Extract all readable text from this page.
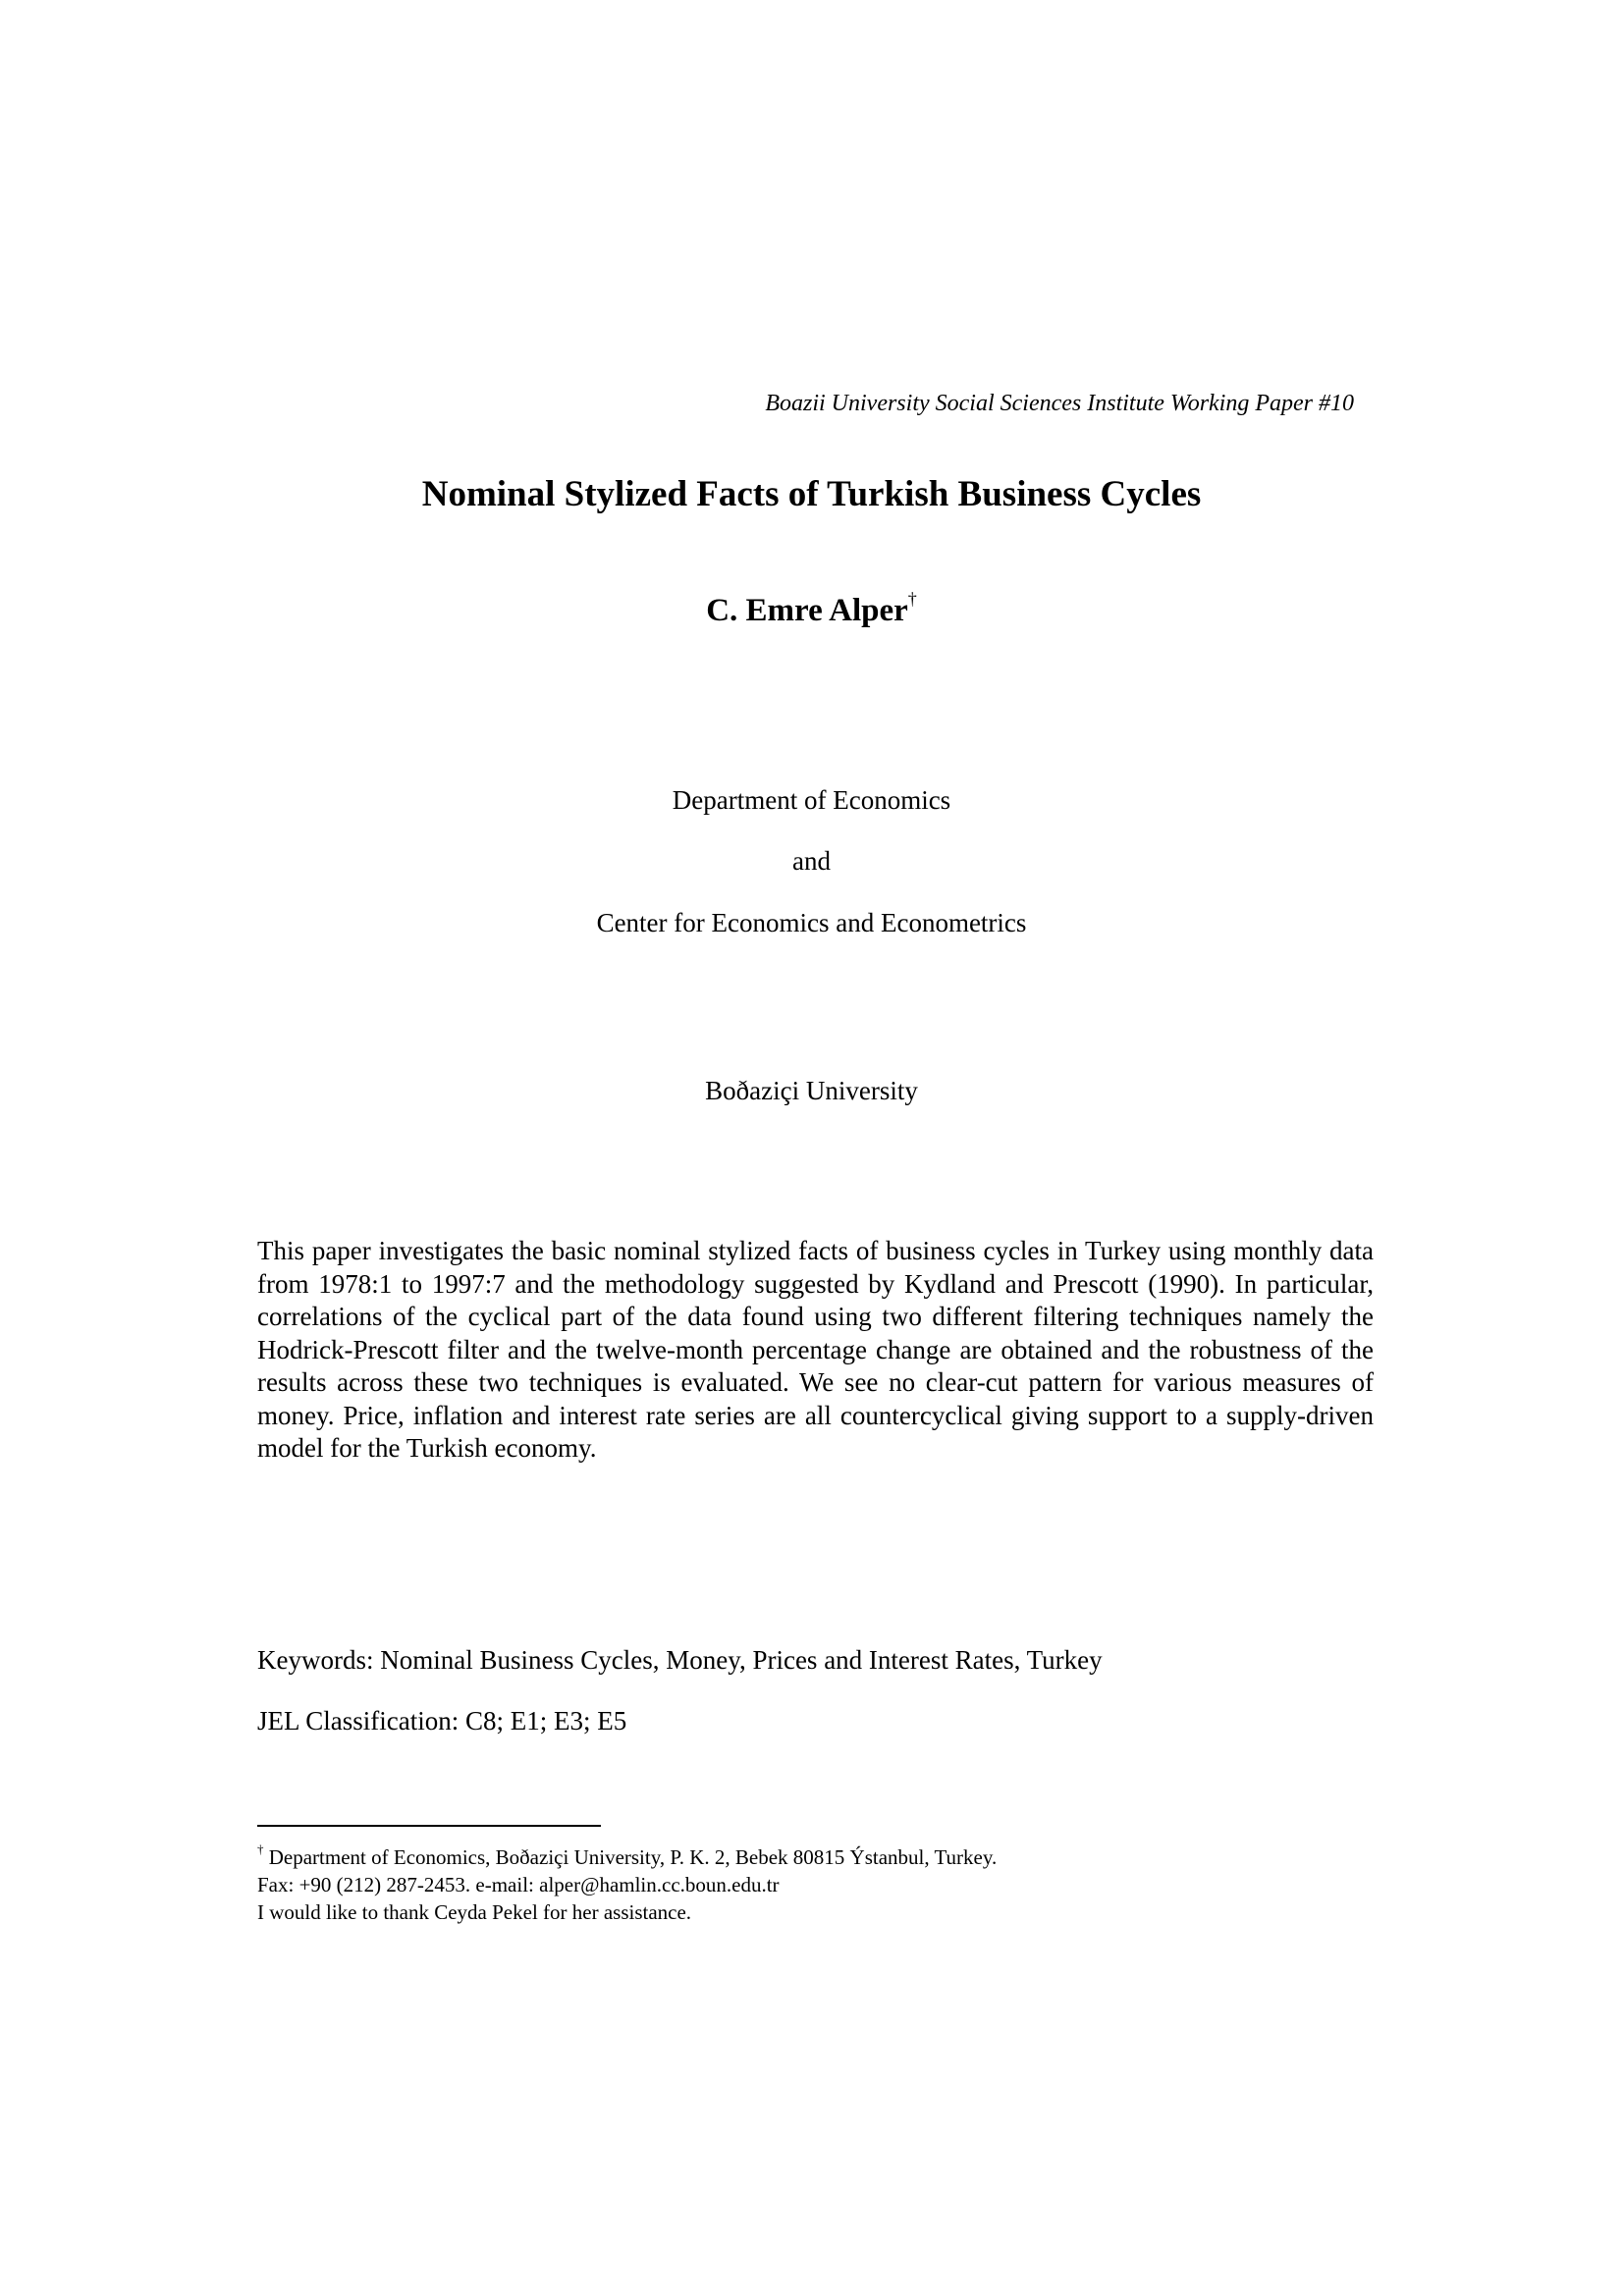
Boazii University Social Sciences Institute Working Paper #10
Nominal Stylized Facts of Turkish Business Cycles
C. Emre Alper†
Department of Economics
and
Center for Economics and Econometrics
Boðaziçi University

This paper investigates the basic nominal stylized facts of business cycles in Turkey using monthly data from 1978:1 to 1997:7 and the methodology suggested by Kydland and Prescott (1990). In particular, correlations of the cyclical part of the data found using two different filtering techniques namely the Hodrick-Prescott filter and the twelve-month percentage change are obtained and the robustness of the results across these two techniques is evaluated. We see no clear-cut pattern for various measures of money. Price, inflation and interest rate series are all countercyclical giving support to a supply-driven model for the Turkish economy.

Keywords: Nominal Business Cycles, Money, Prices and Interest Rates, Turkey
JEL Classification: C8; E1; E3; E5
† Department of Economics, Boðaziçi University, P. K. 2, Bebek 80815 Ýstanbul, Turkey.
Fax: +90 (212) 287-2453. e-mail: alper@hamlin.cc.boun.edu.tr
I would like to thank Ceyda Pekel for her assistance.
